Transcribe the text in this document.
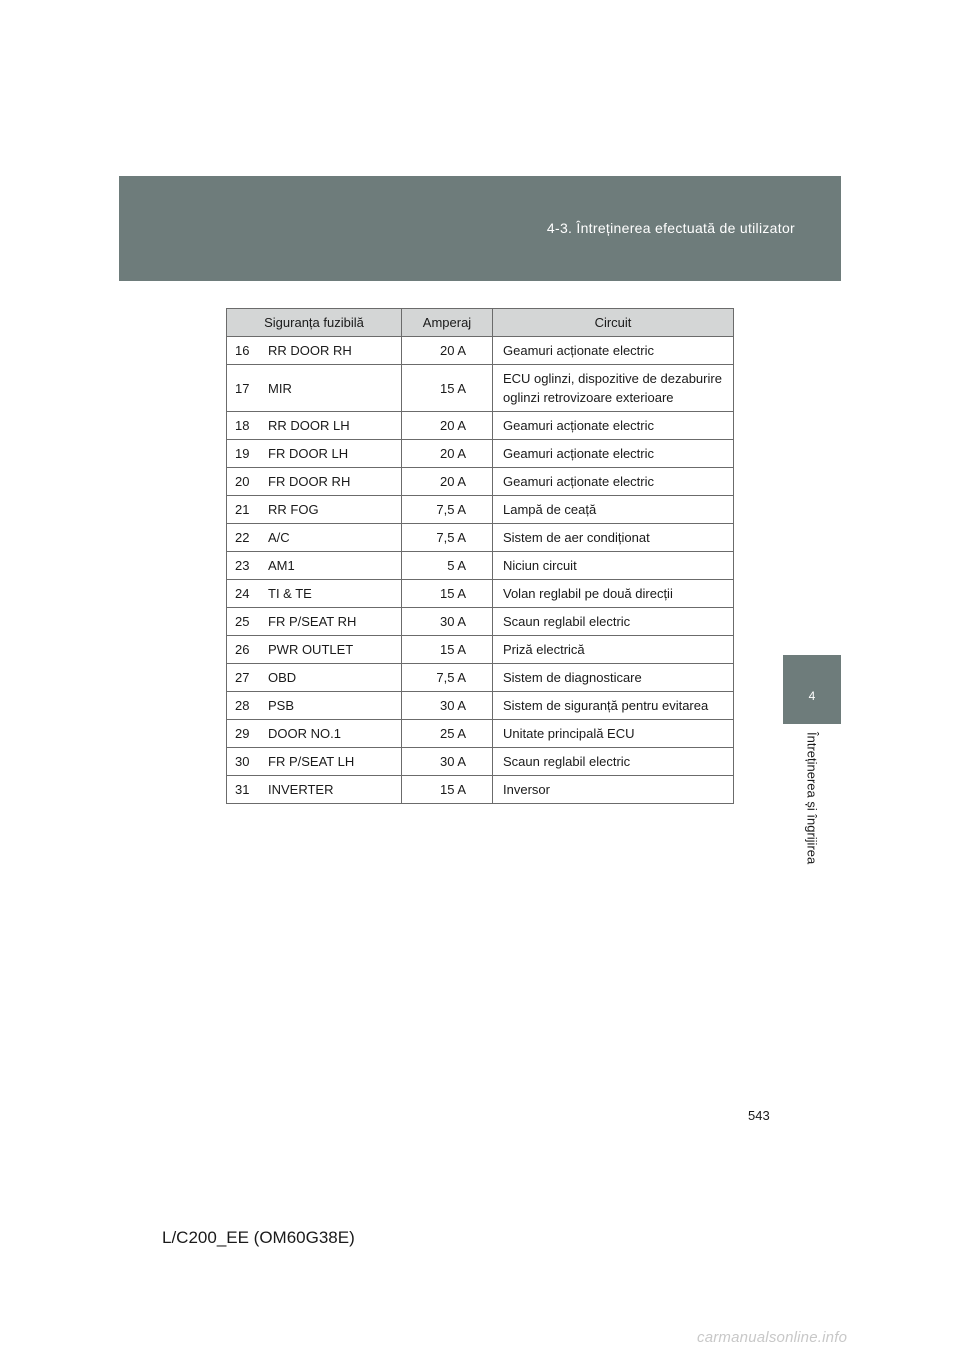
4-3. Întreținerea efectuată de utilizator
4
Întreținerea și îngrijirea
Siguranța fuzibilă		Amperaj	Circuit
16	RR DOOR RH	20 A	Geamuri acționate electric
17	MIR	15 A	ECU oglinzi, dispozitive de dezaburire
oglinzi retrovizoare exterioare
18	RR DOOR LH	20 A	Geamuri acționate electric
19	FR DOOR LH	20 A	Geamuri acționate electric
20	FR DOOR RH	20 A	Geamuri acționate electric
21	RR FOG	7,5 A	Lampă de ceață
22	A/C	7,5 A	Sistem de aer condiționat
23	AM1	5 A	Niciun circuit
24	TI & TE	15 A	Volan reglabil pe două direcții
25	FR P/SEAT RH	30 A	Scaun reglabil electric
26	PWR OUTLET	15 A	Priză electrică
27	OBD	7,5 A	Sistem de diagnosticare
28	PSB	30 A	Sistem de siguranță pentru evitarea
29	DOOR NO.1	25 A	Unitate principală ECU
30	FR P/SEAT LH	30 A	Scaun reglabil electric
31	INVERTER	15 A	Inversor
543
L/C200_EE (OM60G38E)
carmanualsonline.info
